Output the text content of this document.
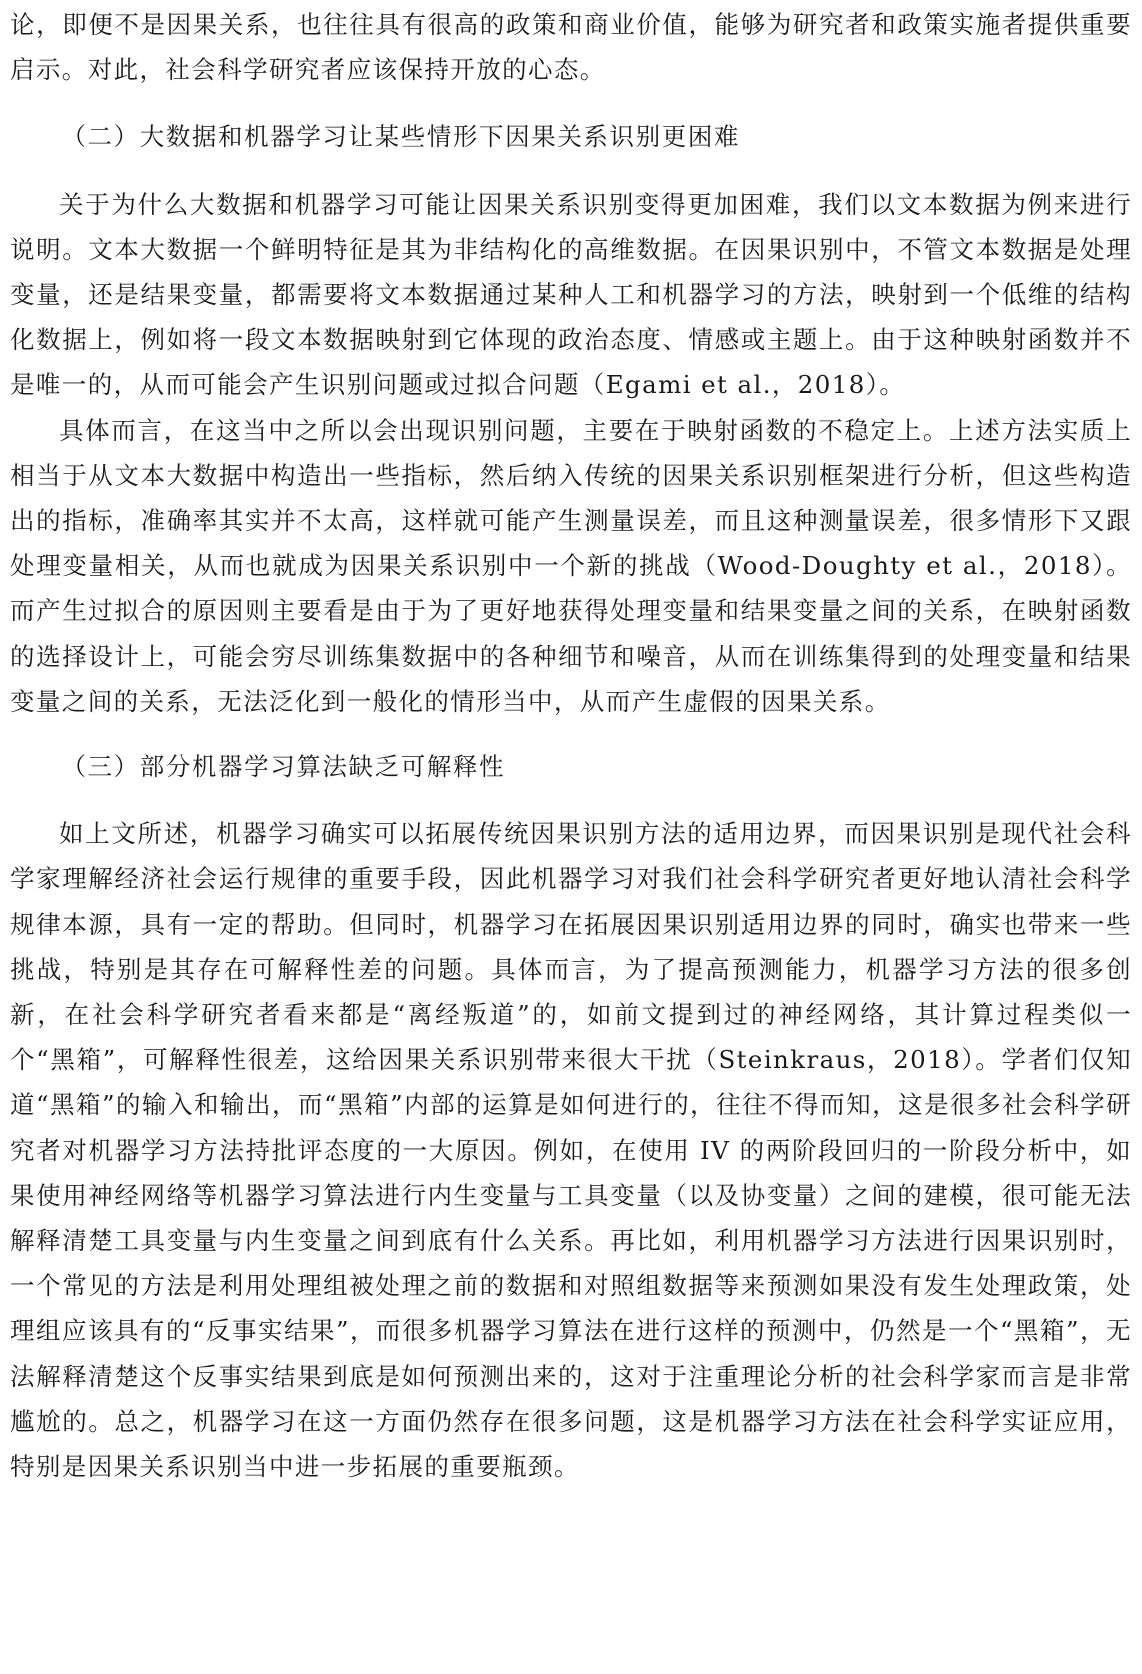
论，即便不是因果关系，也往往具有很高的政策和商业价值，能够为研究者和政策实施者提供重要启示。对此，社会科学研究者应该保持开放的心态。

（二）大数据和机器学习让某些情形下因果关系识别更困难

关于为什么大数据和机器学习可能让因果关系识别变得更加困难，我们以文本数据为例来进行说明。文本大数据一个鲜明特征是其为非结构化的高维数据。在因果识别中，不管文本数据是处理变量，还是结果变量，都需要将文本数据通过某种人工和机器学习的方法，映射到一个低维的结构化数据上，例如将一段文本数据映射到它体现的政治态度、情感或主题上。由于这种映射函数并不是唯一的，从而可能会产生识别问题或过拟合问题（Egami et al.，2018）。

具体而言，在这当中之所以会出现识别问题，主要在于映射函数的不稳定上。上述方法实质上相当于从文本大数据中构造出一些指标，然后纳入传统的因果关系识别框架进行分析，但这些构造出的指标，准确率其实并不太高，这样就可能产生测量误差，而且这种测量误差，很多情形下又跟处理变量相关，从而也就成为因果关系识别中一个新的挑战（Wood-Doughty et al.，2018）。而产生过拟合的原因则主要看是由于为了更好地获得处理变量和结果变量之间的关系，在映射函数的选择设计上，可能会穷尽训练集数据中的各种细节和噪音，从而在训练集得到的处理变量和结果变量之间的关系，无法泛化到一般化的情形当中，从而产生虚假的因果关系。

（三）部分机器学习算法缺乏可解释性

如上文所述，机器学习确实可以拓展传统因果识别方法的适用边界，而因果识别是现代社会科学家理解经济社会运行规律的重要手段，因此机器学习对我们社会科学研究者更好地认清社会科学规律本源，具有一定的帮助。但同时，机器学习在拓展因果识别适用边界的同时，确实也带来一些挑战，特别是其存在可解释性差的问题。具体而言，为了提高预测能力，机器学习方法的很多创新，在社会科学研究者看来都是“离经叛道”的，如前文提到过的神经网络，其计算过程类似一个“黑箱”，可解释性很差，这给因果关系识别带来很大干扰（Steinkraus，2018）。学者们仅知道“黑箱”的输入和输出，而“黑箱”内部的运算是如何进行的，往往不得而知，这是很多社会科学研究者对机器学习方法持批评态度的一大原因。例如，在使用 IV 的两阶段回归的一阶段分析中，如果使用神经网络等机器学习算法进行内生变量与工具变量（以及协变量）之间的建模，很可能无法解释清楚工具变量与内生变量之间到底有什么关系。再比如，利用机器学习方法进行因果识别时，一个常见的方法是利用处理组被处理之前的数据和对照组数据等来预测如果没有发生处理政策，处理组应该具有的“反事实结果”，而很多机器学习算法在进行这样的预测中，仍然是一个“黑箱”，无法解释清楚这个反事实结果到底是如何预测出来的，这对于注重理论分析的社会科学家而言是非常尴尬的。总之，机器学习在这一方面仍然存在很多问题，这是机器学习方法在社会科学实证应用，特别是因果关系识别当中进一步拓展的重要瓶颈。
